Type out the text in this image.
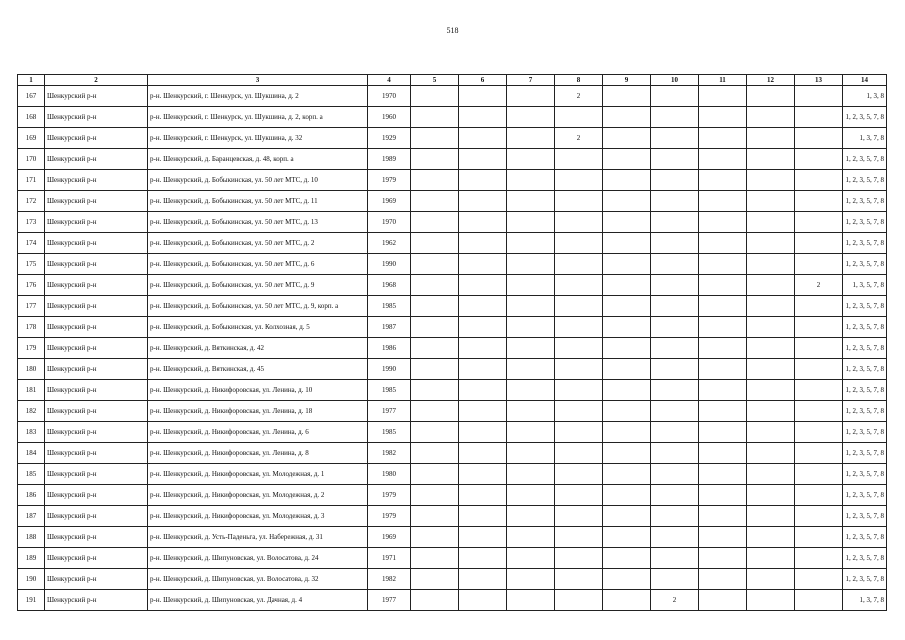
518
1	2	3	4	5	6	7	8	9	10	11	12	13	14
167	Шенкурский р-н	р-н. Шенкурский, г. Шенкурск, ул. Шукшина, д. 2	1970				2						1, 3, 8
168	Шенкурский р-н	р-н. Шенкурский, г. Шенкурск, ул. Шукшина, д. 2, корп. а	1960										1, 2, 3, 5, 7, 8
169	Шенкурский р-н	р-н. Шенкурский, г. Шенкурск, ул. Шукшина, д. 32	1929				2						1, 3, 7, 8
170	Шенкурский р-н	р-н. Шенкурский, д. Баранцевская, д. 48, корп. а	1989										1, 2, 3, 5, 7, 8
171	Шенкурский р-н	р-н. Шенкурский, д. Бобыкинская, ул. 50 лет МТС, д. 10	1979										1, 2, 3, 5, 7, 8
172	Шенкурский р-н	р-н. Шенкурский, д. Бобыкинская, ул. 50 лет МТС, д. 11	1969										1, 2, 3, 5, 7, 8
173	Шенкурский р-н	р-н. Шенкурский, д. Бобыкинская, ул. 50 лет МТС, д. 13	1970										1, 2, 3, 5, 7, 8
174	Шенкурский р-н	р-н. Шенкурский, д. Бобыкинская, ул. 50 лет МТС, д. 2	1962										1, 2, 3, 5, 7, 8
175	Шенкурский р-н	р-н. Шенкурский, д. Бобыкинская, ул. 50 лет МТС, д. 6	1990										1, 2, 3, 5, 7, 8
176	Шенкурский р-н	р-н. Шенкурский, д. Бобыкинская, ул. 50 лет МТС, д. 9	1968									2	1, 3, 5, 7, 8
177	Шенкурский р-н	р-н. Шенкурский, д. Бобыкинская, ул. 50 лет МТС, д. 9, корп. а	1985										1, 2, 3, 5, 7, 8
178	Шенкурский р-н	р-н. Шенкурский, д. Бобыкинская, ул. Колхозная, д. 5	1987										1, 2, 3, 5, 7, 8
179	Шенкурский р-н	р-н. Шенкурский, д. Вяткинская, д. 42	1986										1, 2, 3, 5, 7, 8
180	Шенкурский р-н	р-н. Шенкурский, д. Вяткинская, д. 45	1990										1, 2, 3, 5, 7, 8
181	Шенкурский р-н	р-н. Шенкурский, д. Никифоровская, ул. Ленина, д. 10	1985										1, 2, 3, 5, 7, 8
182	Шенкурский р-н	р-н. Шенкурский, д. Никифоровская, ул. Ленина, д. 18	1977										1, 2, 3, 5, 7, 8
183	Шенкурский р-н	р-н. Шенкурский, д. Никифоровская, ул. Ленина, д. 6	1985										1, 2, 3, 5, 7, 8
184	Шенкурский р-н	р-н. Шенкурский, д. Никифоровская, ул. Ленина, д. 8	1982										1, 2, 3, 5, 7, 8
185	Шенкурский р-н	р-н. Шенкурский, д. Никифоровская, ул. Молодежная, д. 1	1980										1, 2, 3, 5, 7, 8
186	Шенкурский р-н	р-н. Шенкурский, д. Никифоровская, ул. Молодежная, д. 2	1979										1, 2, 3, 5, 7, 8
187	Шенкурский р-н	р-н. Шенкурский, д. Никифоровская, ул. Молодежная, д. 3	1979										1, 2, 3, 5, 7, 8
188	Шенкурский р-н	р-н. Шенкурский, д. Усть-Паденьга, ул. Набережная, д. 31	1969										1, 2, 3, 5, 7, 8
189	Шенкурский р-н	р-н. Шенкурский, д. Шипуновская, ул. Волосатова, д. 24	1971										1, 2, 3, 5, 7, 8
190	Шенкурский р-н	р-н. Шенкурский, д. Шипуновская, ул. Волосатова, д. 32	1982										1, 2, 3, 5, 7, 8
191	Шенкурский р-н	р-н. Шенкурский, д. Шипуновская, ул. Дачная, д. 4	1977						2				1, 3, 7, 8
